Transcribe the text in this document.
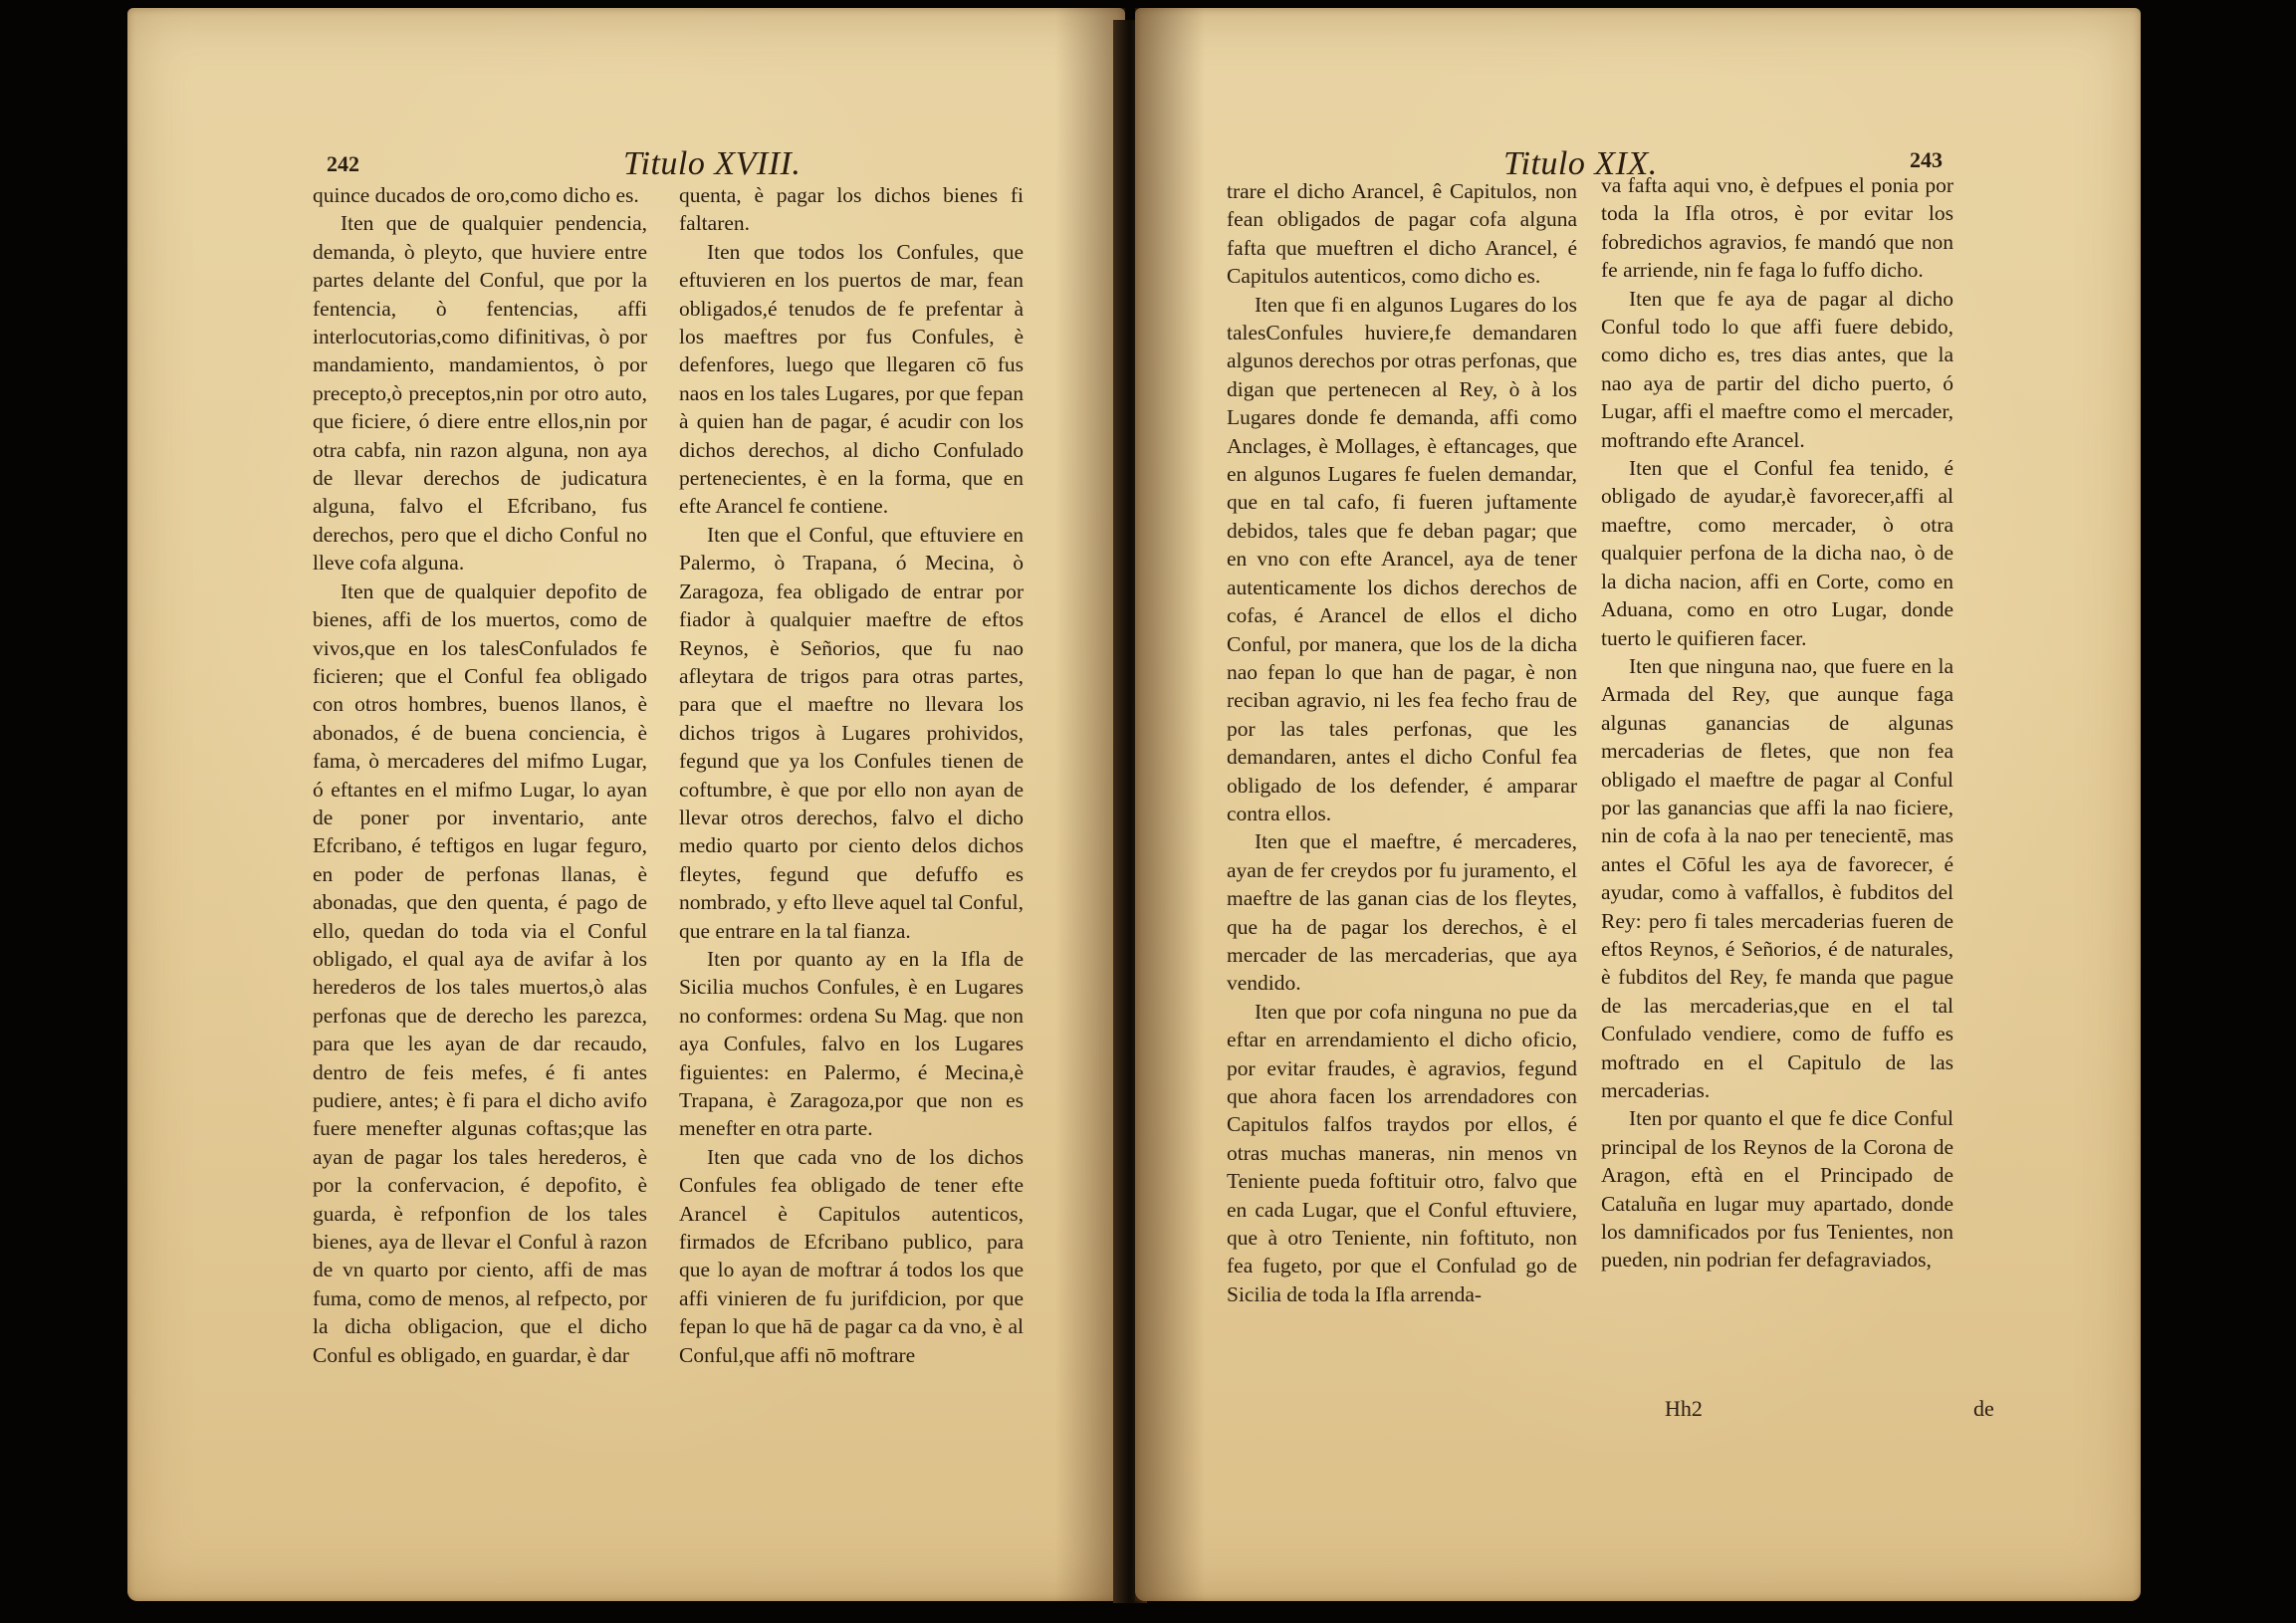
242	Titulo XVIII.

quince ducados de oro,como dicho es.

Iten que de qualquier pendencia, demanda, ò pleyto, que huviere entre partes delante del Conful, que por la fentencia, ò fentencias, affi interlocutorias,como difinitivas, ò por mandamiento, mandamientos, ò por precepto,ò preceptos,nin por otro auto, que ficiere, ó diere entre ellos,nin por otra cabfa, nin razon alguna, non aya de llevar derechos de judicatura alguna, falvo el Efcribano, fus derechos, pero que el dicho Conful no lleve cofa alguna.

Iten que de qualquier depofito de bienes, affi de los muertos, como de vivos,que en los talesConfulados fe ficieren; que el Conful fea obligado con otros hombres, buenos llanos, è abonados, é de buena conciencia, è fama, ò mercaderes del mifmo Lugar, ó eftantes en el mifmo Lugar, lo ayan de poner por inventario, ante Efcribano, é teftigos en lugar feguro, en poder de perfonas llanas, è abonadas, que den quenta, é pago de ello, quedan do toda via el Conful obligado, el qual aya de avifar à los herederos de los tales muertos,ò alas perfonas que de derecho les parezca, para que les ayan de dar recaudo, dentro de feis mefes, é fi antes pudiere, antes; è fi para el dicho avifo fuere menefter algunas coftas;que las ayan de pagar los tales herederos, è por la confervacion, é depofito, è guarda, è refponfion de los tales bienes, aya de llevar el Conful à razon de vn quarto por ciento, affi de mas fuma, como de menos, al refpecto, por la dicha obligacion, que el dicho Conful es obligado, en guardar, è dar

quenta, è pagar los dichos bienes fi faltaren.

Iten que todos los Confules, que eftuvieren en los puertos de mar, fean obligados,é tenudos de fe prefentar à los maeftres por fus Confules, è defenfores, luego que llegaren cō fus naos en los tales Lugares, por que fepan à quien han de pagar, é acudir con los dichos derechos, al dicho Confulado pertenecientes, è en la forma, que en efte Arancel fe contiene.

Iten que el Conful, que eftuviere en Palermo, ò Trapana, ó Mecina, ò Zaragoza, fea obligado de entrar por fiador à qualquier maeftre de eftos Reynos, è Señorios, que fu nao afleytara de trigos para otras partes, para que el maeftre no llevara los dichos trigos à Lugares prohividos, fegund que ya los Confules tienen de coftumbre, è que por ello non ayan de llevar otros derechos, falvo el dicho medio quarto por ciento delos dichos fleytes, fegund que defuffo es nombrado, y efto lleve aquel tal Conful, que entrare en la tal fianza.

Iten por quanto ay en la Ifla de Sicilia muchos Confules, è en Lugares no conformes: ordena Su Mag. que non aya Confules, falvo en los Lugares figuientes: en Palermo, é Mecina,è Trapana, è Zaragoza,por que non es menefter en otra parte.

Iten que cada vno de los dichos Confules fea obligado de tener efte Arancel è Capitulos autenticos, firmados de Efcribano publico, para que lo ayan de moftrar á todos los que affi vinieren de fu jurifdicion, por que fepan lo que hā de pagar ca da vno, è al Conful,que affi nō moftrare

Titulo XIX.	243

trare el dicho Arancel, ê Capitulos, non fean obligados de pagar cofa alguna fafta que mueftren el dicho Arancel, é Capitulos autenticos, como dicho es.

Iten que fi en algunos Lugares do los talesConfules huviere,fe demandaren algunos derechos por otras perfonas, que digan que pertenecen al Rey, ò à los Lugares donde fe demanda, affi como Anclages, è Mollages, è eftancages, que en algunos Lugares fe fuelen demandar, que en tal cafo, fi fueren juftamente debidos, tales que fe deban pagar; que en vno con efte Arancel, aya de tener autenticamente los dichos derechos de cofas, é Arancel de ellos el dicho Conful, por manera, que los de la dicha nao fepan lo que han de pagar, è non reciban agravio, ni les fea fecho frau de por las tales perfonas, que les demandaren, antes el dicho Conful fea obligado de los defender, é amparar contra ellos.

Iten que el maeftre, é mercaderes, ayan de fer creydos por fu juramento, el maeftre de las ganan cias de los fleytes, que ha de pagar los derechos, è el mercader de las mercaderias, que aya vendido.

Iten que por cofa ninguna no pue da eftar en arrendamiento el dicho oficio, por evitar fraudes, è agravios, fegund que ahora facen los arrendadores con Capitulos falfos traydos por ellos, é otras muchas maneras, nin menos vn Teniente pueda foftituir otro, falvo que en cada Lugar, que el Conful eftuviere, que à otro Teniente, nin foftituto, non fea fugeto, por que el Confulad go de Sicilia de toda la Ifla arrenda-

va fafta aqui vno, è defpues el ponia por toda la Ifla otros, è por evitar los fobredichos agravios, fe mandó que non fe arriende, nin fe faga lo fuffo dicho.

Iten que fe aya de pagar al dicho Conful todo lo que affi fuere debido, como dicho es, tres dias antes, que la nao aya de partir del dicho puerto, ó Lugar, affi el maeftre como el mercader, moftrando efte Arancel.

Iten que el Conful fea tenido, é obligado de ayudar,è favorecer,affi al maeftre, como mercader, ò otra qualquier perfona de la dicha nao, ò de la dicha nacion, affi en Corte, como en Aduana, como en otro Lugar, donde tuerto le quifieren facer.

Iten que ninguna nao, que fuere en la Armada del Rey, que aunque faga algunas ganancias de algunas mercaderias de fletes, que non fea obligado el maeftre de pagar al Conful por las ganancias que affi la nao ficiere, nin de cofa à la nao per tenecientē, mas antes el Cōful les aya de favorecer, é ayudar, como à vaffallos, è fubditos del Rey: pero fi tales mercaderias fueren de eftos Reynos, é Señorios, é de naturales, è fubditos del Rey, fe manda que pague de las mercaderias,que en el tal Confulado vendiere, como de fuffo es moftrado en el Capitulo de las mercaderias.

Iten por quanto el que fe dice Conful principal de los Reynos de la Corona de Aragon, eftà en el Principado de Cataluña en lugar muy apartado, donde los damnificados por fus Tenientes, non pueden, nin podrian fer defagraviados,

Hh2	de
